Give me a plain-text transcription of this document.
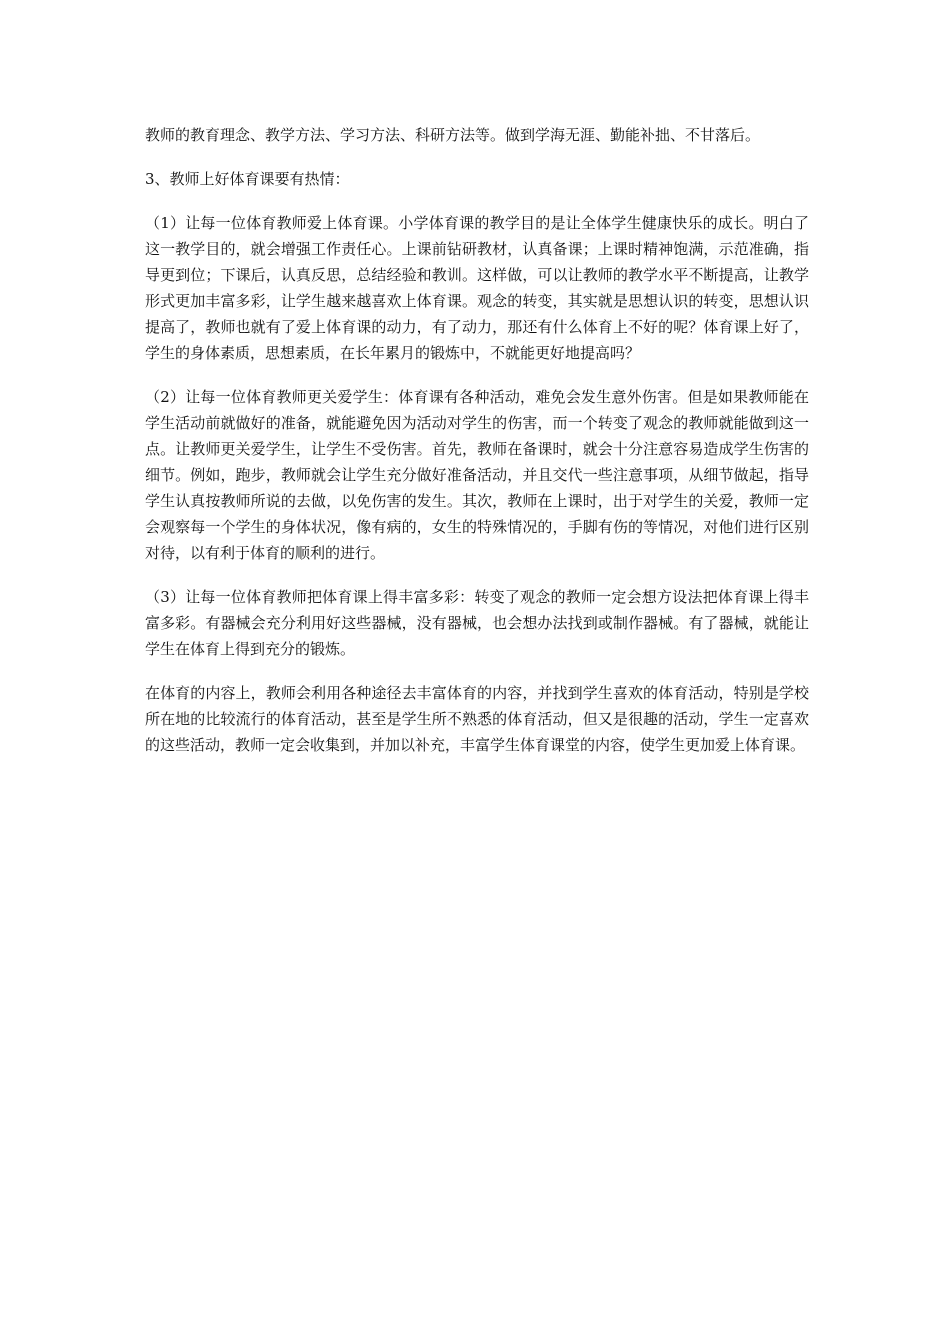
教师的教育理念、教学方法、学习方法、科研方法等。做到学海无涯、勤能补拙、不甘落后。

3、教师上好体育课要有热情：

（1）让每一位体育教师爱上体育课。小学体育课的教学目的是让全体学生健康快乐的成长。明白了这一教学目的，就会增强工作责任心。上课前钻研教材，认真备课；上课时精神饱满，示范准确，指导更到位；下课后，认真反思，总结经验和教训。这样做，可以让教师的教学水平不断提高，让教学形式更加丰富多彩，让学生越来越喜欢上体育课。观念的转变，其实就是思想认识的转变，思想认识提高了，教师也就有了爱上体育课的动力，有了动力，那还有什么体育上不好的呢？体育课上好了，学生的身体素质，思想素质，在长年累月的锻炼中，不就能更好地提高吗？

（2）让每一位体育教师更关爱学生：体育课有各种活动，难免会发生意外伤害。但是如果教师能在学生活动前就做好的准备，就能避免因为活动对学生的伤害，而一个转变了观念的教师就能做到这一点。让教师更关爱学生，让学生不受伤害。首先，教师在备课时，就会十分注意容易造成学生伤害的细节。例如，跑步，教师就会让学生充分做好准备活动，并且交代一些注意事项，从细节做起，指导学生认真按教师所说的去做，以免伤害的发生。其次，教师在上课时，出于对学生的关爱，教师一定会观察每一个学生的身体状况，像有病的，女生的特殊情况的，手脚有伤的等情况，对他们进行区别对待，以有利于体育的顺利的进行。

（3）让每一位体育教师把体育课上得丰富多彩：转变了观念的教师一定会想方设法把体育课上得丰富多彩。有器械会充分利用好这些器械，没有器械，也会想办法找到或制作器械。有了器械，就能让学生在体育上得到充分的锻炼。

在体育的内容上，教师会利用各种途径去丰富体育的内容，并找到学生喜欢的体育活动，特别是学校所在地的比较流行的体育活动，甚至是学生所不熟悉的体育活动，但又是很趣的活动，学生一定喜欢的这些活动，教师一定会收集到，并加以补充，丰富学生体育课堂的内容，使学生更加爱上体育课。
